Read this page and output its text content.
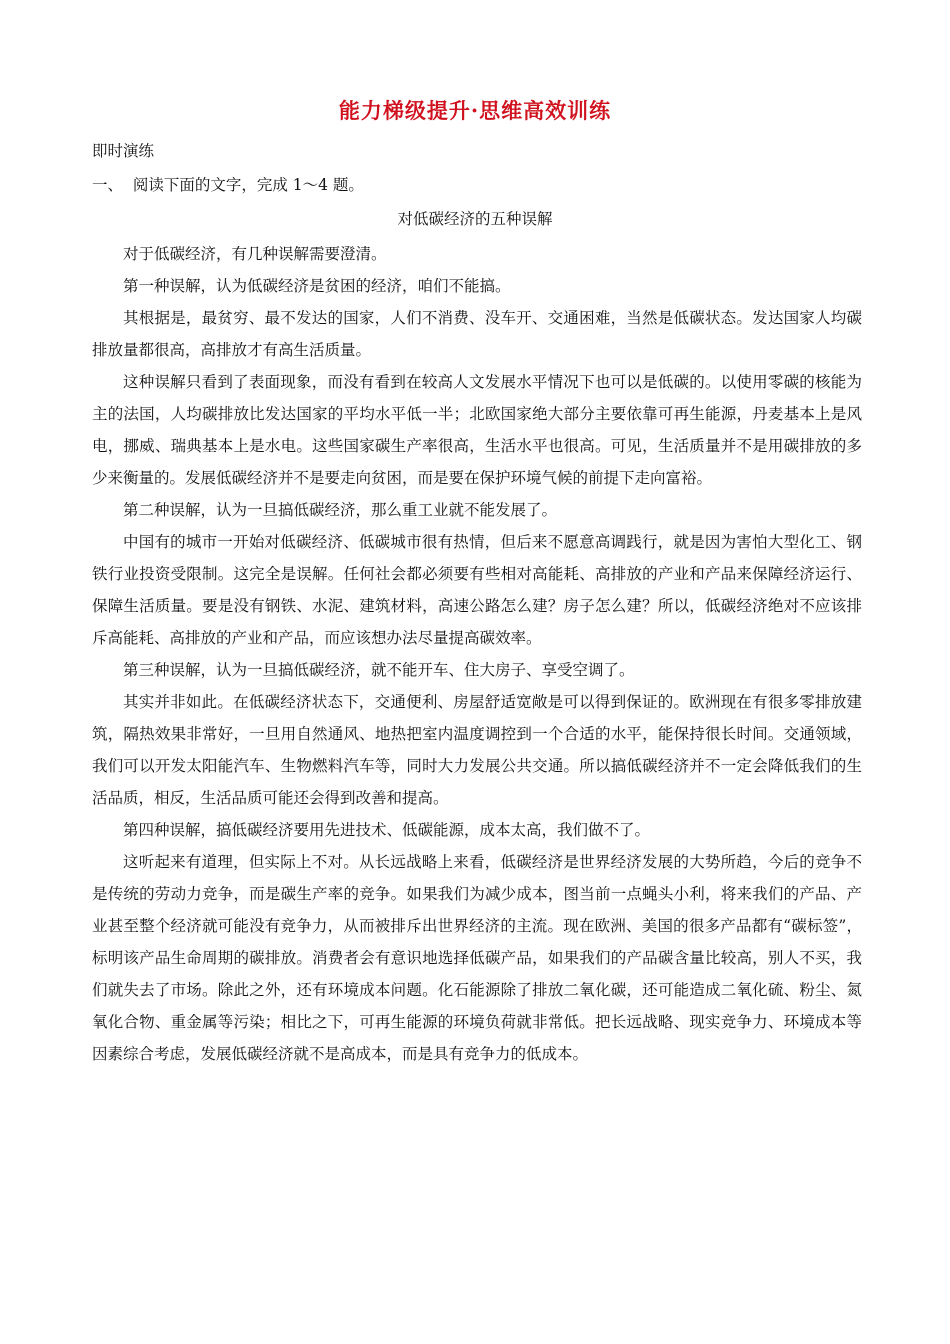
能力梯级提升·思维高效训练
即时演练
一、  阅读下面的文字，完成 1～4 题。
对低碳经济的五种误解

对于低碳经济，有几种误解需要澄清。

第一种误解，认为低碳经济是贫困的经济，咱们不能搞。

其根据是，最贫穷、最不发达的国家，人们不消费、没车开、交通困难，当然是低碳状态。发达国家人均碳排放量都很高，高排放才有高生活质量。

这种误解只看到了表面现象，而没有看到在较高人文发展水平情况下也可以是低碳的。以使用零碳的核能为主的法国，人均碳排放比发达国家的平均水平低一半；北欧国家绝大部分主要依靠可再生能源，丹麦基本上是风电，挪威、瑞典基本上是水电。这些国家碳生产率很高，生活水平也很高。可见，生活质量并不是用碳排放的多少来衡量的。发展低碳经济并不是要走向贫困，而是要在保护环境气候的前提下走向富裕。

第二种误解，认为一旦搞低碳经济，那么重工业就不能发展了。

中国有的城市一开始对低碳经济、低碳城市很有热情，但后来不愿意高调践行，就是因为害怕大型化工、钢铁行业投资受限制。这完全是误解。任何社会都必须要有些相对高能耗、高排放的产业和产品来保障经济运行、保障生活质量。要是没有钢铁、水泥、建筑材料，高速公路怎么建？房子怎么建？所以，低碳经济绝对不应该排斥高能耗、高排放的产业和产品，而应该想办法尽量提高碳效率。

第三种误解，认为一旦搞低碳经济，就不能开车、住大房子、享受空调了。

其实并非如此。在低碳经济状态下，交通便利、房屋舒适宽敞是可以得到保证的。欧洲现在有很多零排放建筑，隔热效果非常好，一旦用自然通风、地热把室内温度调控到一个合适的水平，能保持很长时间。交通领域，我们可以开发太阳能汽车、生物燃料汽车等，同时大力发展公共交通。所以搞低碳经济并不一定会降低我们的生活品质，相反，生活品质可能还会得到改善和提高。

第四种误解，搞低碳经济要用先进技术、低碳能源，成本太高，我们做不了。

这听起来有道理，但实际上不对。从长远战略上来看，低碳经济是世界经济发展的大势所趋，今后的竞争不是传统的劳动力竞争，而是碳生产率的竞争。如果我们为减少成本，图当前一点蝇头小利，将来我们的产品、产业甚至整个经济就可能没有竞争力，从而被排斥出世界经济的主流。现在欧洲、美国的很多产品都有“碳标签”，标明该产品生命周期的碳排放。消费者会有意识地选择低碳产品，如果我们的产品碳含量比较高，别人不买，我们就失去了市场。除此之外，还有环境成本问题。化石能源除了排放二氧化碳，还可能造成二氧化硫、粉尘、氮氧化合物、重金属等污染；相比之下，可再生能源的环境负荷就非常低。把长远战略、现实竞争力、环境成本等因素综合考虑，发展低碳经济就不是高成本，而是具有竞争力的低成本。
